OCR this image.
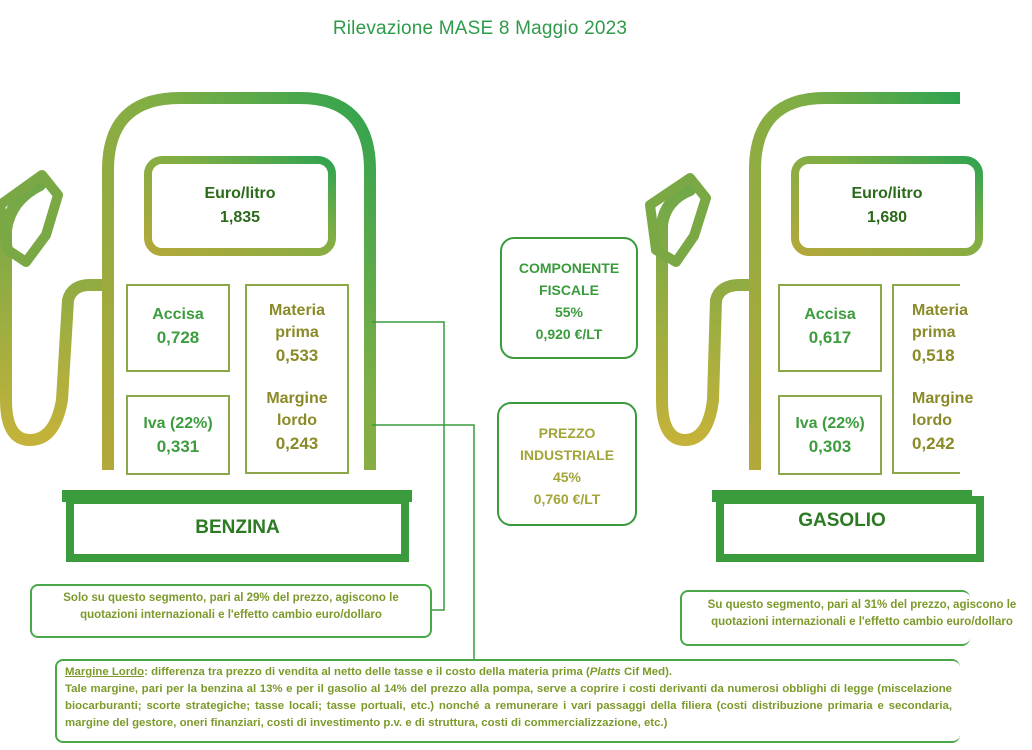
Rilevazione MASE 8 Maggio 2023
Euro/litro
1,835
Accisa
0,728
Iva (22%)
0,331
Materia prima
0,533
Margine lordo
0,243
BENZINA
Solo su questo segmento, pari al 29% del prezzo, agiscono le quotazioni internazionali e l'effetto cambio euro/dollaro
COMPONENTE FISCALE
55%
0,920 €/LT
PREZZO INDUSTRIALE
45%
0,760 €/LT
Euro/litro
1,680
Accisa
0,617
Iva (22%)
0,303
Materia prima
0,518
Margine lordo
0,242
GASOLIO
Su questo segmento, pari al 31% del prezzo, agiscono le quotazioni internazionali e l'effetto cambio euro/dollaro
Margine Lordo: differenza tra prezzo di vendita al netto delle tasse e il costo della materia prima (Platts Cif Med).
Tale margine, pari per la benzina al 13% e per il gasolio al 14% del prezzo alla pompa, serve a coprire i costi derivanti da numerosi obblighi di legge (miscelazione biocarburanti; scorte strategiche; tasse locali; tasse portuali, etc.) nonché a remunerare i vari passaggi della filiera (costi distribuzione primaria e secondaria, margine del gestore, oneri finanziari, costi di investimento p.v. e di struttura, costi di commercializzazione, etc.)
